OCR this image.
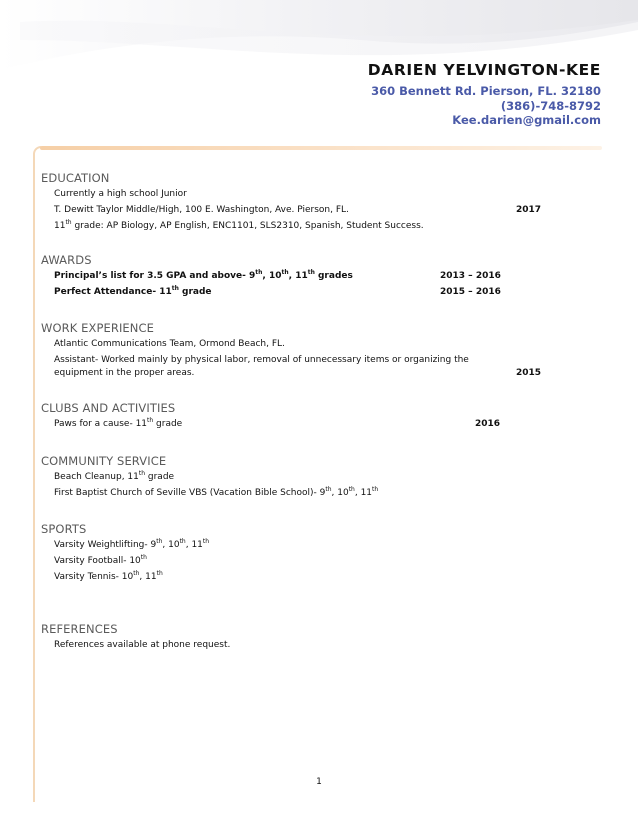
DARIEN YELVINGTON-KEE
360 Bennett Rd. Pierson, FL. 32180
(386)-748-8792
Kee.darien@gmail.com
EDUCATION
Currently a high school Junior
T. Dewitt Taylor Middle/High, 100 E. Washington, Ave. Pierson, FL.	2017
11th grade: AP Biology, AP English, ENC1101, SLS2310, Spanish, Student Success.
AWARDS
Principal’s list for 3.5 GPA and above- 9th, 10th, 11th grades	2013 – 2016
Perfect Attendance- 11th grade	2015 – 2016
WORK EXPERIENCE
Atlantic Communications Team, Ormond Beach, FL.
Assistant- Worked mainly by physical labor, removal of unnecessary items or organizing the equipment in the proper areas.	2015
CLUBS AND ACTIVITIES
Paws for a cause- 11th grade	2016
COMMUNITY SERVICE
Beach Cleanup, 11th grade
First Baptist Church of Seville VBS (Vacation Bible School)- 9th, 10th, 11th
SPORTS
Varsity Weightlifting- 9th, 10th, 11th
Varsity Football- 10th
Varsity Tennis- 10th, 11th
REFERENCES
References available at phone request.
1
